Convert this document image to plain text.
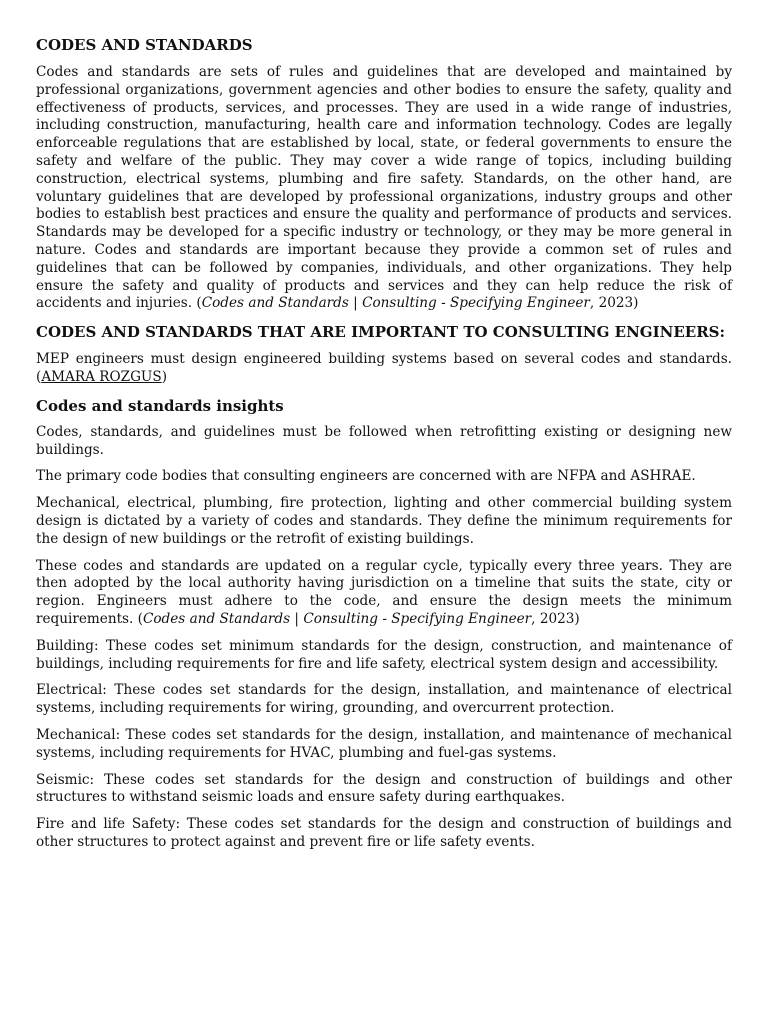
CODES AND STANDARDS

Codes and standards are sets of rules and guidelines that are developed and maintained by professional organizations, government agencies and other bodies to ensure the safety, quality and effectiveness of products, services, and processes. They are used in a wide range of industries, including construction, manufacturing, health care and information technology. Codes are legally enforceable regulations that are established by local, state, or federal governments to ensure the safety and welfare of the public. They may cover a wide range of topics, including building construction, electrical systems, plumbing and fire safety. Standards, on the other hand, are voluntary guidelines that are developed by professional organizations, industry groups and other bodies to establish best practices and ensure the quality and performance of products and services. Standards may be developed for a specific industry or technology, or they may be more general in nature. Codes and standards are important because they provide a common set of rules and guidelines that can be followed by companies, individuals, and other organizations. They help ensure the safety and quality of products and services and they can help reduce the risk of accidents and injuries. (Codes and Standards | Consulting - Specifying Engineer, 2023)

CODES AND STANDARDS THAT ARE IMPORTANT TO CONSULTING ENGINEERS:

MEP engineers must design engineered building systems based on several codes and standards. (AMARA ROZGUS)

Codes and standards insights

Codes, standards, and guidelines must be followed when retrofitting existing or designing new buildings.

The primary code bodies that consulting engineers are concerned with are NFPA and ASHRAE.

Mechanical, electrical, plumbing, fire protection, lighting and other commercial building system design is dictated by a variety of codes and standards. They define the minimum requirements for the design of new buildings or the retrofit of existing buildings.

These codes and standards are updated on a regular cycle, typically every three years. They are then adopted by the local authority having jurisdiction on a timeline that suits the state, city or region. Engineers must adhere to the code, and ensure the design meets the minimum requirements. (Codes and Standards | Consulting - Specifying Engineer, 2023)

Building: These codes set minimum standards for the design, construction, and maintenance of buildings, including requirements for fire and life safety, electrical system design and accessibility.

Electrical: These codes set standards for the design, installation, and maintenance of electrical systems, including requirements for wiring, grounding, and overcurrent protection.

Mechanical: These codes set standards for the design, installation, and maintenance of mechanical systems, including requirements for HVAC, plumbing and fuel-gas systems.

Seismic: These codes set standards for the design and construction of buildings and other structures to withstand seismic loads and ensure safety during earthquakes.

Fire and life Safety: These codes set standards for the design and construction of buildings and other structures to protect against and prevent fire or life safety events.
